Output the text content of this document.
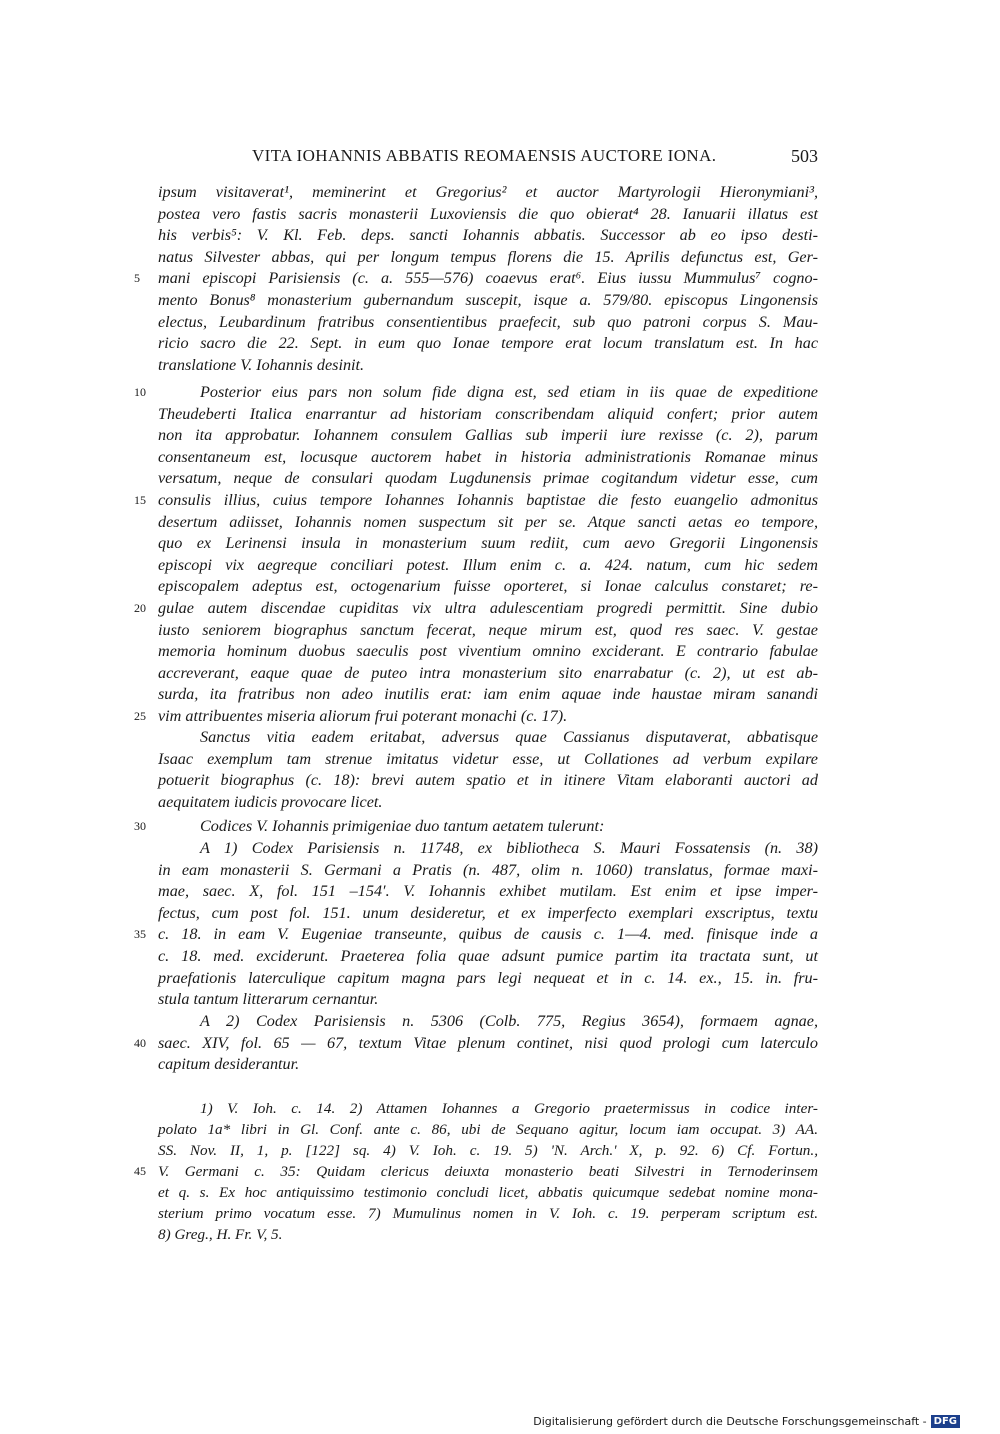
VITA IOHANNIS ABBATIS REOMAENSIS AUCTORE IONA.	503
ipsum visitaverat¹, meminerint et Gregorius² et auctor Martyrologii Hieronymiani³,
postea vero fastis sacris monasterii Luxoviensis die quo obierat⁴ 28. Ianuarii illatus est
his verbis⁵: V. Kl. Feb. deps. sancti Iohannis abbatis. Successor ab eo ipso desti-
natus Silvester abbas, qui per longum tempus florens die 15. Aprilis defunctus est, Ger-
5	mani episcopi Parisiensis (c. a. 555—576) coaevus erat⁶. Eius iussu Mummulus⁷ cogno-
mento Bonus⁸ monasterium gubernandum suscepit, isque a. 579/80. episcopus Lingonensis
electus, Leubardinum fratribus consentientibus praefecit, sub quo patroni corpus S. Mau-
ricio sacro die 22. Sept. in eum quo Ionae tempore erat locum translatum est. In hac
translatione V. Iohannis desinit.
10	Posterior eius pars non solum fide digna est, sed etiam in iis quae de expeditione
Theudeberti Italica enarrantur ad historiam conscribendam aliquid confert; prior autem
non ita approbatur. Iohannem consulem Gallias sub imperii iure rexisse (c. 2), parum
consentaneum est, locusque auctorem habet in historia administrationis Romanae minus
versatum, neque de consulari quodam Lugdunensis primae cogitandum videtur esse, cum
15 consulis illius, cuius tempore Iohannes Iohannis baptistae die festo euangelio admonitus
desertum adiisset, Iohannis nomen suspectum sit per se. Atque sancti aetas eo tempore,
quo ex Lerinensi insula in monasterium suum rediit, cum aevo Gregorii Lingonensis
episcopi vix aegreque conciliari potest. Illum enim c. a. 424. natum, cum hic sedem
episcopalem adeptus est, octogenarium fuisse oporteret, si Ionae calculus constaret; re-
20 gulae autem discendae cupiditas vix ultra adulescentiam progredi permittit. Sine dubio
iusto seniorem biographus sanctum fecerat, neque mirum est, quod res saec. V. gestae
memoria hominum duobus saeculis post viventium omnino exciderant. E contrario fabulae
accreverant, eaque quae de puteo intra monasterium sito enarrabatur (c. 2), ut est ab-
surda, ita fratribus non adeo inutilis erat: iam enim aquae inde haustae miram sanandi
25 vim attribuentes miseria aliorum frui poterant monachi (c. 17).
Sanctus vitia eadem eritabat, adversus quae Cassianus disputaverat, abbatisque
Isaac exemplum tam strenue imitatus videtur esse, ut Collationes ad verbum expilare
potuerit biographus (c. 18): brevi autem spatio et in itinere Vitam elaboranti auctori ad
aequitatem iudicis provocare licet.
30	Codices V. Iohannis primigeniae duo tantum aetatem tulerunt:
A 1) Codex Parisiensis n. 11748, ex bibliotheca S. Mauri Fossatensis (n. 38)
in eam monasterii S. Germani a Pratis (n. 487, olim n. 1060) translatus, formae maxi-
mae, saec. X, fol. 151 –154′. V. Iohannis exhibet mutilam. Est enim et ipse imper-
fectus, cum post fol. 151. unum desideretur, et ex imperfecto exemplari exscriptus, textu
35 c. 18. in eam V. Eugeniae transeunte, quibus de causis c. 1—4. med. finisque inde a
c. 18. med. exciderunt. Praeterea folia quae adsunt pumice partim ita tractata sunt, ut
praefationis laterculique capitum magna pars legi nequeat et in c. 14. ex., 15. in. fru-
stula tantum litterarum cernantur.
A 2) Codex Parisiensis n. 5306 (Colb. 775, Regius 3654), formaem agnae,
40 saec. XIV, fol. 65 — 67, textum Vitae plenum continet, nisi quod prologi cum laterculo
capitum desiderantur.
1) V. Ioh. c. 14. 2) Attamen Iohannes a Gregorio praetermissus in codice inter-
polato 1a* libri in Gl. Conf. ante c. 86, ubi de Sequano agitur, locum iam occupat. 3) AA.
SS. Nov. II, 1, p. [122] sq. 4) V. Ioh. c. 19. 5) 'N. Arch.' X, p. 92. 6) Cf. Fortun.,
45 V. Germani c. 35: Quidam clericus deiuxta monasterio beati Silvestri in Ternoderinsem
et q. s. Ex hoc antiquissimo testimonio concludi licet, abbatis quicumque sedebat nomine mona-
sterium primo vocatum esse. 7) Mumulinus nomen in V. Ioh. c. 19. perperam scriptum est.
8) Greg., H. Fr. V, 5.
Digitalisierung gefördert durch die Deutsche Forschungsgemeinschaft - DFG
